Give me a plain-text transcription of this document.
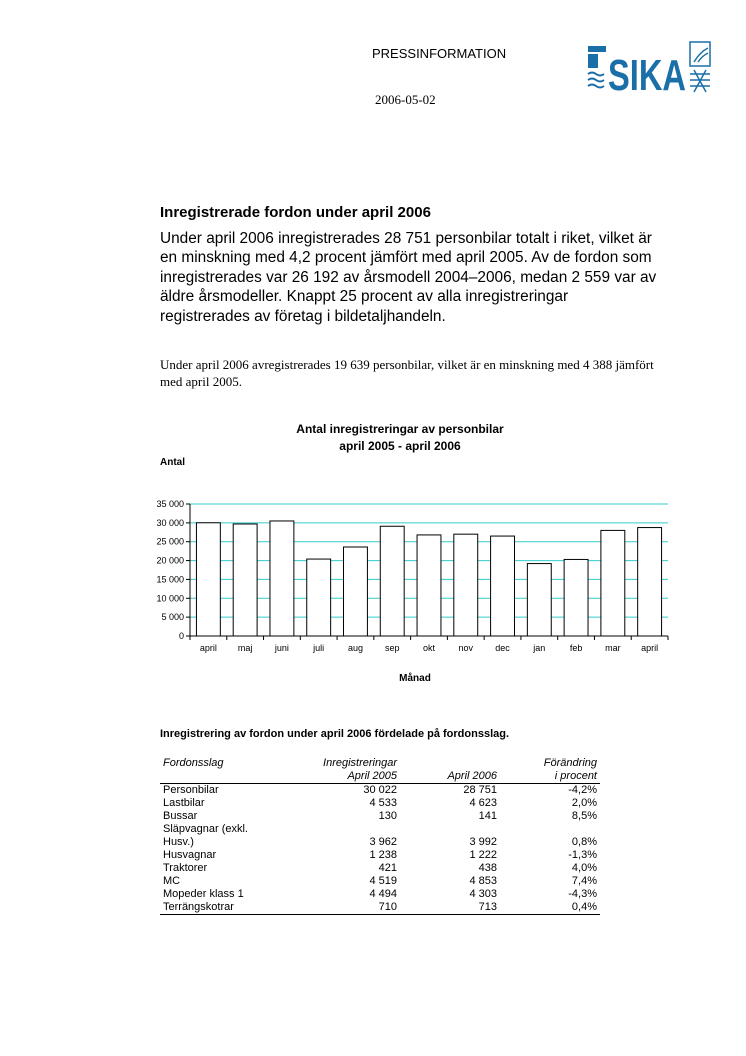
PRESSINFORMATION
2006-05-02	SIKA
Inregistrerade fordon under april 2006

Under april 2006 inregistrerades 28 751 personbilar totalt i riket, vilket är en minskning med 4,2 procent jämfört med april 2005. Av de fordon som inregistrerades var 26 192 av årsmodell 2004–2006, medan 2 559 var av äldre årsmodeller. Knappt 25 procent av alla inregistreringar registrerades av företag i bildetaljhandeln.

Under april 2006 avregistrerades 19 639 personbilar, vilket är en minskning med 4 388 jämfört med april 2005.

Antal inregistreringar av personbilar
april 2005 - april 2006
Antal
0
5 000
10 000
15 000
20 000
25 000
30 000
35 000
april maj	juni	juli	aug sep	okt	nov dec	jan	feb	mar april
Månad
Inregistrering av fordon under april 2006 fördelade på fordonsslag.
Fordonsslag	Inregistreringar		Förändring
	April 2005	April 2006	i procent
Personbilar	30 022	28 751	-4,2%
Lastbilar	4 533	4 623	2,0%
Bussar	130	141	8,5%
Släpvagnar (exkl.			
Husv.)	3 962	3 992	0,8%
Husvagnar	1 238	1 222	-1,3%
Traktorer	421	438	4,0%
MC	4 519	4 853	7,4%
Mopeder klass 1	4 494	4 303	-4,3%
Terrängskotrar	710	713	0,4%
